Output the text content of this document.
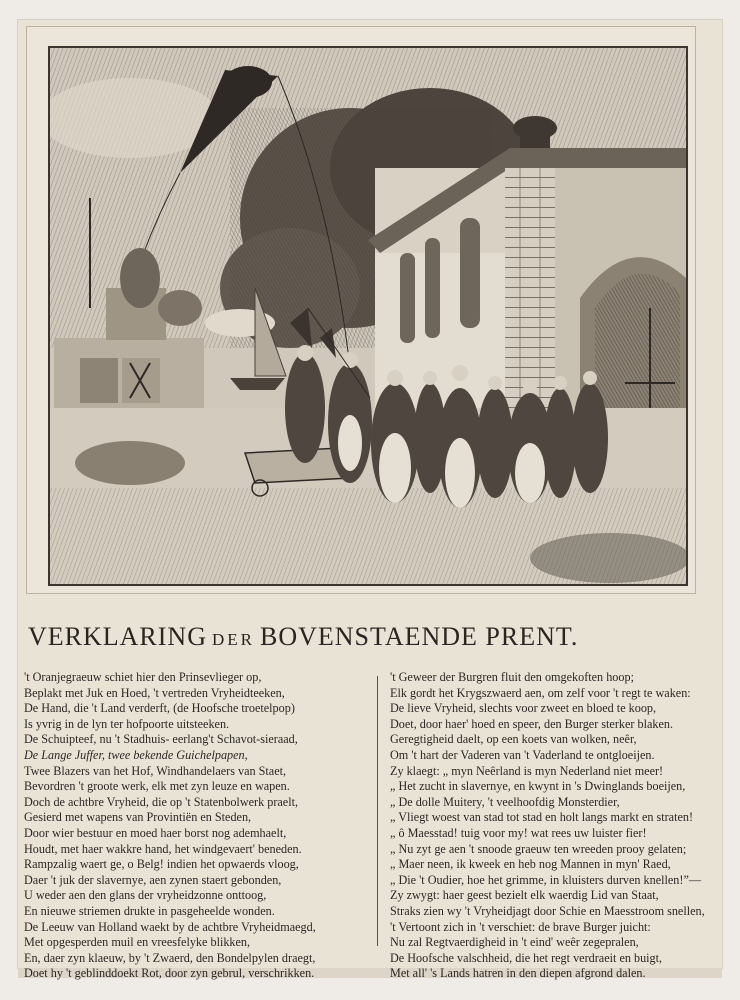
VERKLARING DER BOVENSTAENDE PRENT.
't Oranjegraeuw schiet hier den Prinsevlieger op,
Beplakt met Juk en Hoed, 't vertreden Vryheidteeken,
De Hand, die 't Land verderft, (de Hoofsche troetelpop)
Is yvrig in de lyn ter hofpoorte uitsteeken.
De Schuipteef, nu 't Stadhuis- eerlang't Schavot-sieraad,
De Lange Juffer, twee bekende Guichelpapen,
Twee Blazers van het Hof, Windhandelaers van Staet,
Bevordren 't groote werk, elk met zyn leuze en wapen.
Doch de achtbre Vryheid, die op 't Statenbolwerk praelt,
Gesierd met wapens van Provintiën en Steden,
Door wier bestuur en moed haer borst nog ademhaelt,
Houdt, met haer wakkre hand, het windgevaert' beneden.
Rampzalig waert ge, o Belg! indien het opwaerds vloog,
Daer 't juk der slavernye, aen zynen staert gebonden,
U weder aen den glans der vryheidzonne onttoog,
En nieuwe striemen drukte in pasgeheelde wonden.
De Leeuw van Holland waekt by de achtbre Vryheidmaegd,
Met opgesperden muil en vreesfelyke blikken,
En, daer zyn klaeuw, by 't Zwaerd, den Bondelpylen draegt,
Doet hy 't geblinddoekt Rot, door zyn gebrul, verschrikken.
't Geweer der Burgren fluit den omgekoften hoop;
Elk gordt het Krygszwaerd aen, om zelf voor 't regt te waken:
De lieve Vryheid, slechts voor zweet en bloed te koop,
Doet, door haer' hoed en speer, den Burger sterker blaken.
Geregtigheid daelt, op een koets van wolken, neêr,
Om 't hart der Vaderen van 't Vaderland te ontgloeijen.
Zy klaegt: „ myn Neêrland is myn Nederland niet meer!
„ Het zucht in slavernye, en kwynt in 's Dwinglands boeijen,
„ De dolle Muitery, 't veelhoofdig Monsterdier,
„ Vliegt woest van stad tot stad en holt langs markt en straten!
„ ô Maesstad! tuig voor my! wat rees uw luister fier!
„ Nu zyt ge aen 't snoode graeuw ten wreeden prooy gelaten;
„ Maer neen, ik kweek en heb nog Mannen in myn' Raed,
„ Die 't Oudier, hoe het grimme, in kluisters durven knellen!”—
Zy zwygt: haer geest bezielt elk waerdig Lid van Staat,
Straks zien wy 't Vryheidjagt door Schie en Maesstroom snellen,
't Vertoont zich in 't verschiet: de brave Burger juicht:
Nu zal Regtvaerdigheid in 't eind' weêr zegepralen,
De Hoofsche valschheid, die het regt verdraeit en buigt,
Met all' 's Lands hatren in den diepen afgrond dalen.
